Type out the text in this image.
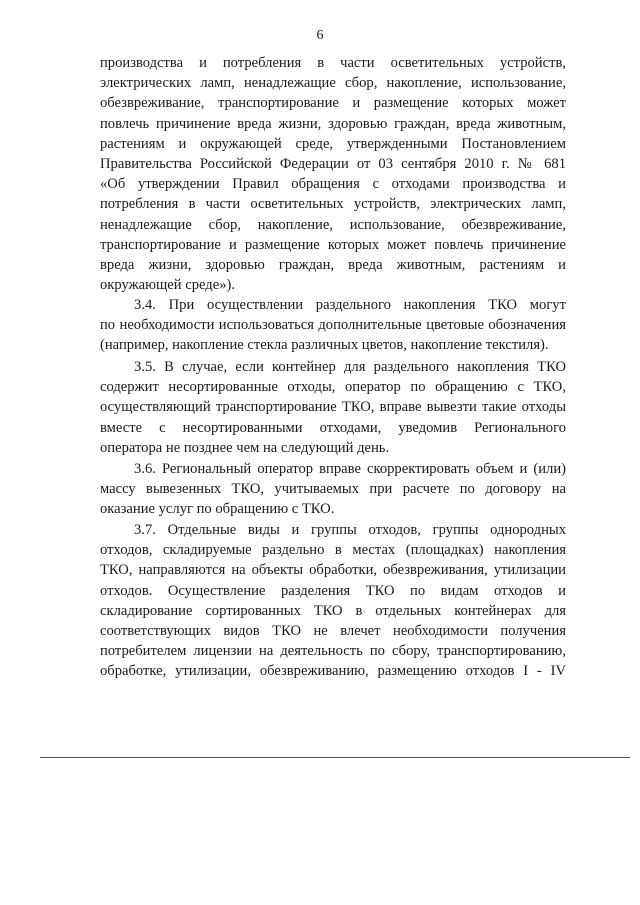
6
производства и потребления в части осветительных устройств,
электрических ламп, ненадлежащие сбор, накопление, использование,
обезвреживание, транспортирование и размещение которых может
повлечь причинение вреда жизни, здоровью граждан, вреда животным,
растениям и окружающей среде, утвержденными Постановлением
Правительства Российской Федерации от 03 сентября 2010 г. № 681
«Об утверждении Правил обращения с отходами производства и
потребления в части осветительных устройств, электрических ламп,
ненадлежащие сбор, накопление, использование, обезвреживание,
транспортирование и размещение которых может повлечь причинение
вреда жизни, здоровью граждан, вреда животным, растениям и
окружающей среде»).
3.4. При осуществлении раздельного накопления ТКО могут
по необходимости использоваться дополнительные цветовые обозначения
(например, накопление стекла различных цветов, накопление текстиля).
3.5. В случае, если контейнер для раздельного накопления ТКО
содержит несортированные отходы, оператор по обращению с ТКО,
осуществляющий транспортирование ТКО, вправе вывезти такие отходы
вместе с несортированными отходами, уведомив Регионального
оператора не позднее чем на следующий день.
3.6. Региональный оператор вправе скорректировать объем и (или)
массу вывезенных ТКО, учитываемых при расчете по договору на
оказание услуг по обращению с ТКО.
3.7. Отдельные виды и группы отходов, группы однородных
отходов, складируемые раздельно в местах (площадках) накопления
ТКО, направляются на объекты обработки, обезвреживания, утилизации
отходов. Осуществление разделения ТКО по видам отходов и
складирование сортированных ТКО в отдельных контейнерах для
соответствующих видов ТКО не влечет необходимости получения
потребителем лицензии на деятельность по сбору, транспортированию,
обработке, утилизации, обезвреживанию, размещению отходов I - IV
